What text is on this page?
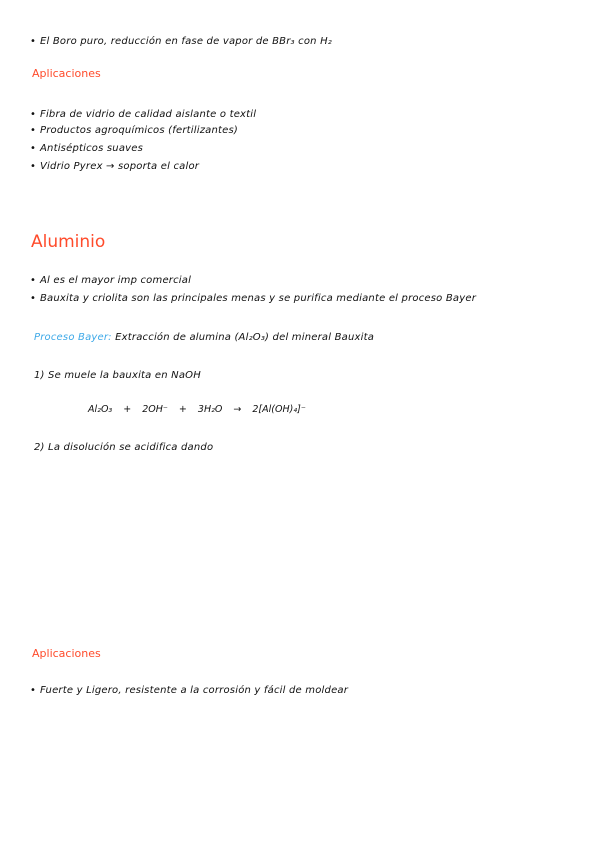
• El Boro puro, reducción en fase de vapor de BBr₃ con H₂
Aplicaciones
• Fibra de vidrio de calidad aislante o textil
• Productos agroquímicos (fertilizantes)
• Antisépticos suaves
• Vidrio Pyrex → soporta el calor
Aluminio
• Al es el mayor imp comercial
• Bauxita y criolita son las principales menas y se purifica mediante el proceso Bayer
Proceso Bayer: Extracción de alumina (Al₂O₃) del mineral Bauxita
1) Se muele la bauxita en NaOH
Al₂O₃ + 2OH⁻ + 3H₂O → 2[Al(OH)₄]⁻
2) La disolución se acidifica dando
Aplicaciones
• Fuerte y Ligero, resistente a la corrosión y fácil de moldear
